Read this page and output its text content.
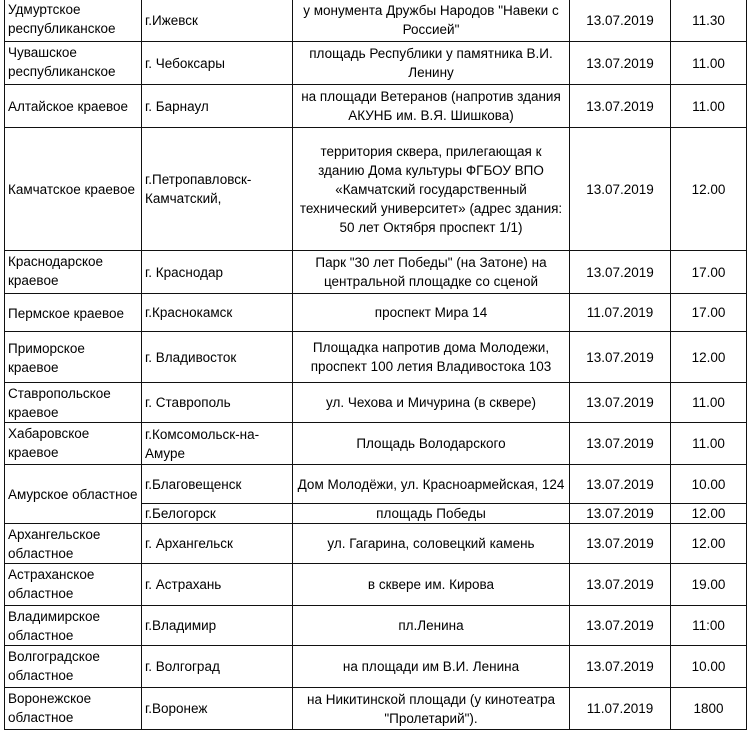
Удмуртское республиканское	г.Ижевск	у монумента Дружбы Народов "Навеки с Россией"	13.07.2019	11.30
Чувашское республиканское	г. Чебоксары	площадь Республики у памятника В.И. Ленину	13.07.2019	11.00
Алтайское краевое	г. Барнаул	на площади Ветеранов (напротив здания АКУНБ им. В.Я. Шишкова)	13.07.2019	11.00
Камчатское краевое	г.Петропавловск-Камчатский,	территория сквера, прилегающая к зданию Дома культуры ФГБОУ ВПО «Камчатский государственный технический университет» (адрес здания: 50 лет Октября проспект 1/1)	13.07.2019	12.00
Краснодарское краевое	г. Краснодар	Парк "30 лет Победы" (на Затоне) на центральной площадке со сценой	13.07.2019	17.00
Пермское краевое	г.Краснокамск	проспект Мира 14	11.07.2019	17.00
Приморское краевое	г. Владивосток	Площадка напротив дома Молодежи, проспект 100 летия Владивостока 103	13.07.2019	12.00
Ставропольское краевое	г. Ставрополь	ул. Чехова и Мичурина (в сквере)	13.07.2019	11.00
Хабаровское краевое	г.Комсомольск-на-Амуре	Площадь Володарского	13.07.2019	11.00
Амурское областное	г.Благовещенск	Дом Молодёжи, ул. Красноармейская, 124	13.07.2019	10.00
	г.Белогорск	площадь Победы	13.07.2019	12.00
Архангельское областное	г. Архангельск	ул. Гагарина, соловецкий камень	13.07.2019	12.00
Астраханское областное	г. Астрахань	в сквере им. Кирова	13.07.2019	19.00
Владимирское областное	г.Владимир	пл.Ленина	13.07.2019	11:00
Волгоградское областное	г. Волгоград	на площади им В.И. Ленина	13.07.2019	10.00
Воронежское областное	г.Воронеж	на Никитинской площади (у кинотеатра "Пролетарий").	11.07.2019	1800
